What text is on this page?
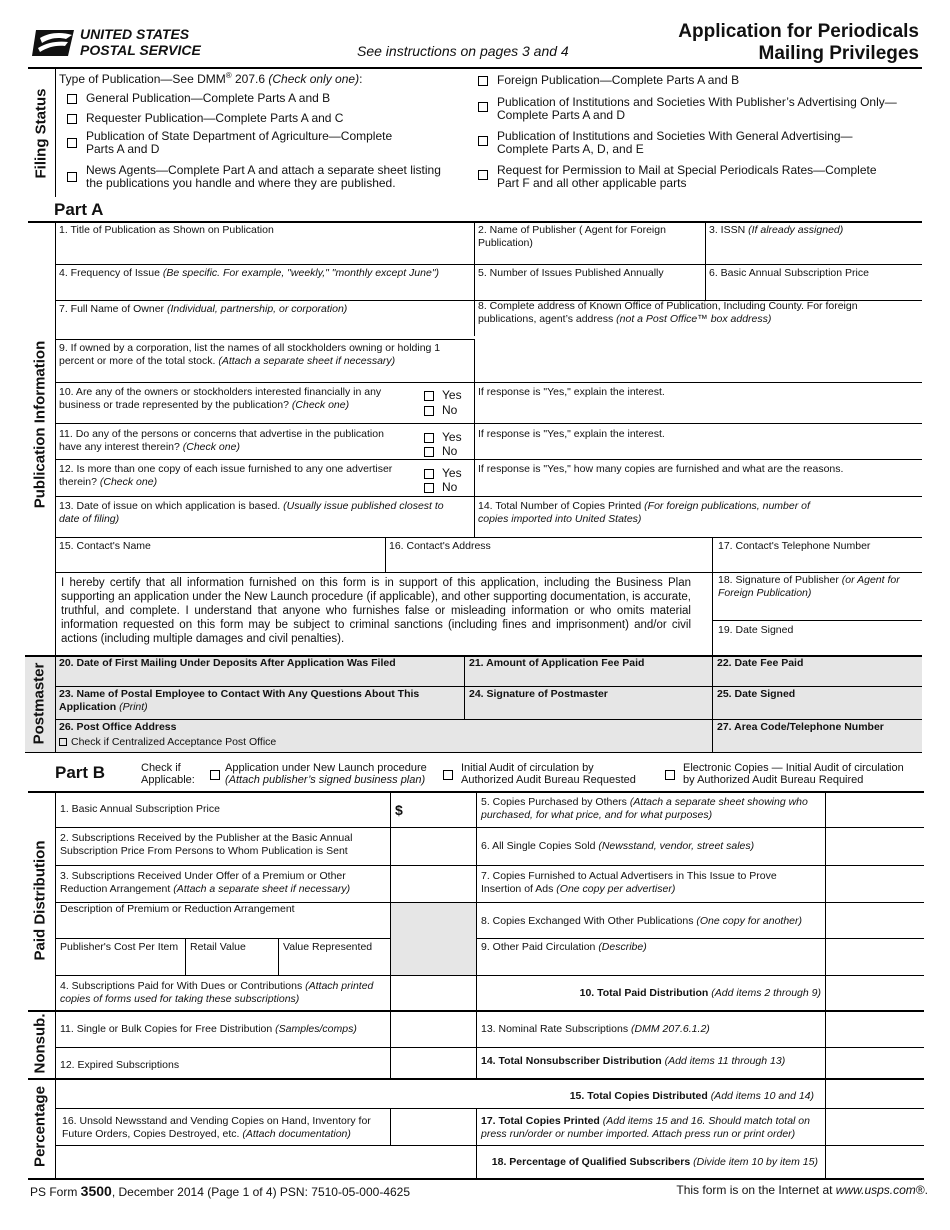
UNITED STATES
POSTAL SERVICE	See instructions on pages 3 and 4
Application for Periodicals
Mailing Privileges
Filing Status
Type of Publication—See DMM® 207.6 (Check only one):
General Publication—Complete Parts A and B
Requester Publication—Complete Parts A and C
Publication of State Department of Agriculture—Complete Parts A and D
News Agents—Complete Part A and attach a separate sheet listing the publications you handle and where they are published.
Foreign Publication—Complete Parts A and B
Publication of Institutions and Societies With Publisher’s Advertising Only—Complete Parts A and D
Publication of Institutions and Societies With General Advertising—Complete Parts A, D, and E
Request for Permission to Mail at Special Periodicals Rates—Complete Part F and all other applicable parts
Part A
Publication Information
1. Title of Publication as Shown on Publication	2. Name of Publisher ( Agent for Foreign Publication)
3. ISSN (If already assigned)
4. Frequency of Issue (Be specific. For example, "weekly," "monthly except June")	5. Number of Issues Published Annually	6. Basic Annual Subscription Price
7. Full Name of Owner (Individual, partnership, or corporation)	8. Complete address of Known Office of Publication, Including County. For foreign publications, agent’s address (not a Post Office™ box address)
9. If owned by a corporation, list the names of all stockholders owning or holding 1 percent or more of the total stock. (Attach a separate sheet if necessary)
10. Are any of the owners or stockholders interested financially in any business or trade represented by the publication? (Check one)
Yes
No
If response is "Yes," explain the interest.
11. Do any of the persons or concerns that advertise in the publication have any interest therein? (Check one)
Yes
No
If response is "Yes," explain the interest.
12. Is more than one copy of each issue furnished to any one advertiser therein? (Check one)
Yes
No
If response is "Yes," how many copies are furnished and what are the reasons.
13. Date of issue on which application is based. (Usually issue published closest to date of filing)
14. Total Number of Copies Printed (For foreign publications, number of copies imported into United States)
15. Contact's Name	16. Contact's Address	17. Contact's Telephone Number
I hereby certify that all information furnished on this form is in support of this application, including the Business Plan supporting an application under the New Launch procedure (if applicable), and other supporting documentation, is accurate, truthful, and complete. I understand that anyone who furnishes false or misleading information or who omits material information requested on this form may be subject to criminal sanctions (including fines and imprisonment) and/or civil actions (including multiple damages and civil penalties).
18. Signature of Publisher (or Agent for Foreign Publication)
19. Date Signed
Postmaster 20. Date of First Mailing Under Deposits After Application Was Filed	21. Amount of Application Fee Paid	22. Date Fee Paid
23. Name of Postal Employee to Contact With Any Questions About This Application (Print)
24. Signature of Postmaster	25. Date Signed
26. Post Office Address
Check if Centralized Acceptance Post Office
27. Area Code/Telephone Number
Part B	Check if
Applicable:
Application under New Launch procedure
(Attach publisher’s signed business plan)
Initial Audit of circulation by
Authorized Audit Bureau Requested
Electronic Copies — Initial Audit of circulation
by Authorized Audit Bureau Required
Paid Distribution
Nonsub.
Percentage
1. Basic Annual Subscription Price	$	5. Copies Purchased by Others (Attach a separate sheet showing who purchased, for what price, and for what purposes)
2. Subscriptions Received by the Publisher at the Basic Annual Subscription Price From Persons to Whom Publication is Sent	6. All Single Copies Sold (Newsstand, vendor, street sales)
3. Subscriptions Received Under Offer of a Premium or Other Reduction Arrangement (Attach a separate sheet if necessary)
7. Copies Furnished to Actual Advertisers in This Issue to Prove Insertion of Ads (One copy per advertiser)
Description of Premium or Reduction Arrangement
Publisher's Cost Per Item	Retail Value	Value Represented
8. Copies Exchanged With Other Publications (One copy for another)
9. Other Paid Circulation (Describe)
4. Subscriptions Paid for With Dues or Contributions (Attach printed copies of forms used for taking these subscriptions)	10. Total Paid Distribution (Add items 2 through 9)
11. Single or Bulk Copies for Free Distribution (Samples/comps)	13. Nominal Rate Subscriptions (DMM 207.6.1.2)
12. Expired Subscriptions	14. Total Nonsubscriber Distribution (Add items 11 through 13)
15. Total Copies Distributed (Add items 10 and 14)
16. Unsold Newsstand and Vending Copies on Hand, Inventory for Future Orders, Copies Destroyed, etc. (Attach documentation)
17. Total Copies Printed (Add items 15 and 16. Should match total on press run/order or number imported. Attach press run or print order)
18. Percentage of Qualified Subscribers (Divide item 10 by item 15)
PS Form 3500, December 2014 (Page 1 of 4) PSN: 7510-05-000-4625	This form is on the Internet at www.usps.com®.
